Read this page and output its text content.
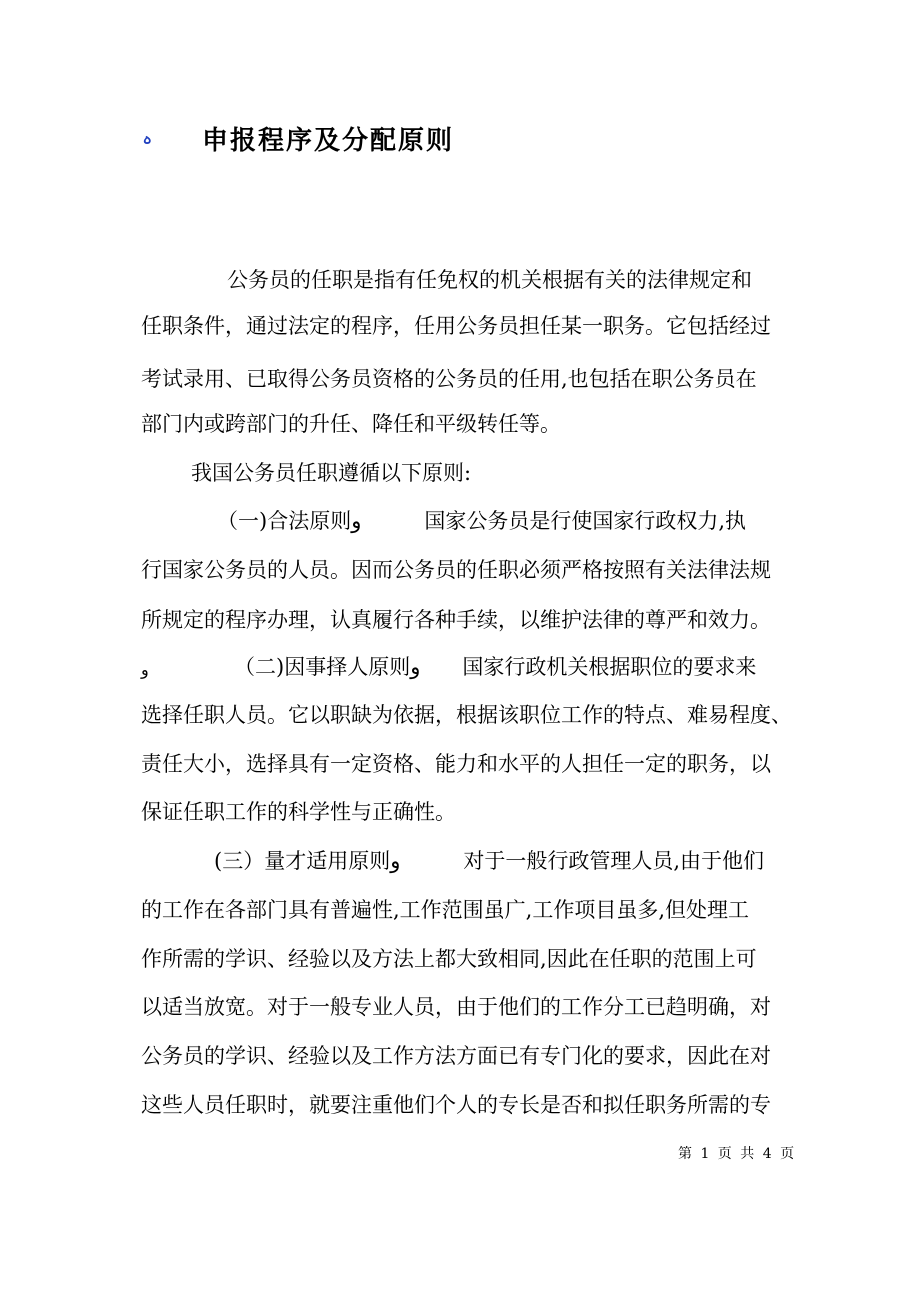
ہ	申报程序及分配原则
公务员的任职是指有任免权的机关根据有关的法律规定和
任职条件，通过法定的程序，任用公务员担任某一职务。它包括经过
考试录用、已取得公务员资格的公务员的任用,也包括在职公务员在
部门内或跨部门的升任、降任和平级转任等。
我国公务员任职遵循以下原则:
（一)合法原则و　　　国家公务员是行使国家行政权力,执
行国家公务员的人员。因而公务员的任职必须严格按照有关法律法规
所规定的程序办理，认真履行各种手续，以维护法律的尊严和效力。
و	（二)因事择人原则و　　国家行政机关根据职位的要求来
选择任职人员。它以职缺为依据，根据该职位工作的特点、难易程度、
责任大小，选择具有一定资格、能力和水平的人担任一定的职务，以
保证任职工作的科学性与正确性。
(三）量才适用原则و　　　对于一般行政管理人员,由于他们
的工作在各部门具有普遍性,工作范围虽广,工作项目虽多,但处理工
作所需的学识、经验以及方法上都大致相同,因此在任职的范围上可
以适当放宽。对于一般专业人员，由于他们的工作分工已趋明确，对
公务员的学识、经验以及工作方法方面已有专门化的要求，因此在对
这些人员任职时，就要注重他们个人的专长是否和拟任职务所需的专
第 1 页 共 4 页
